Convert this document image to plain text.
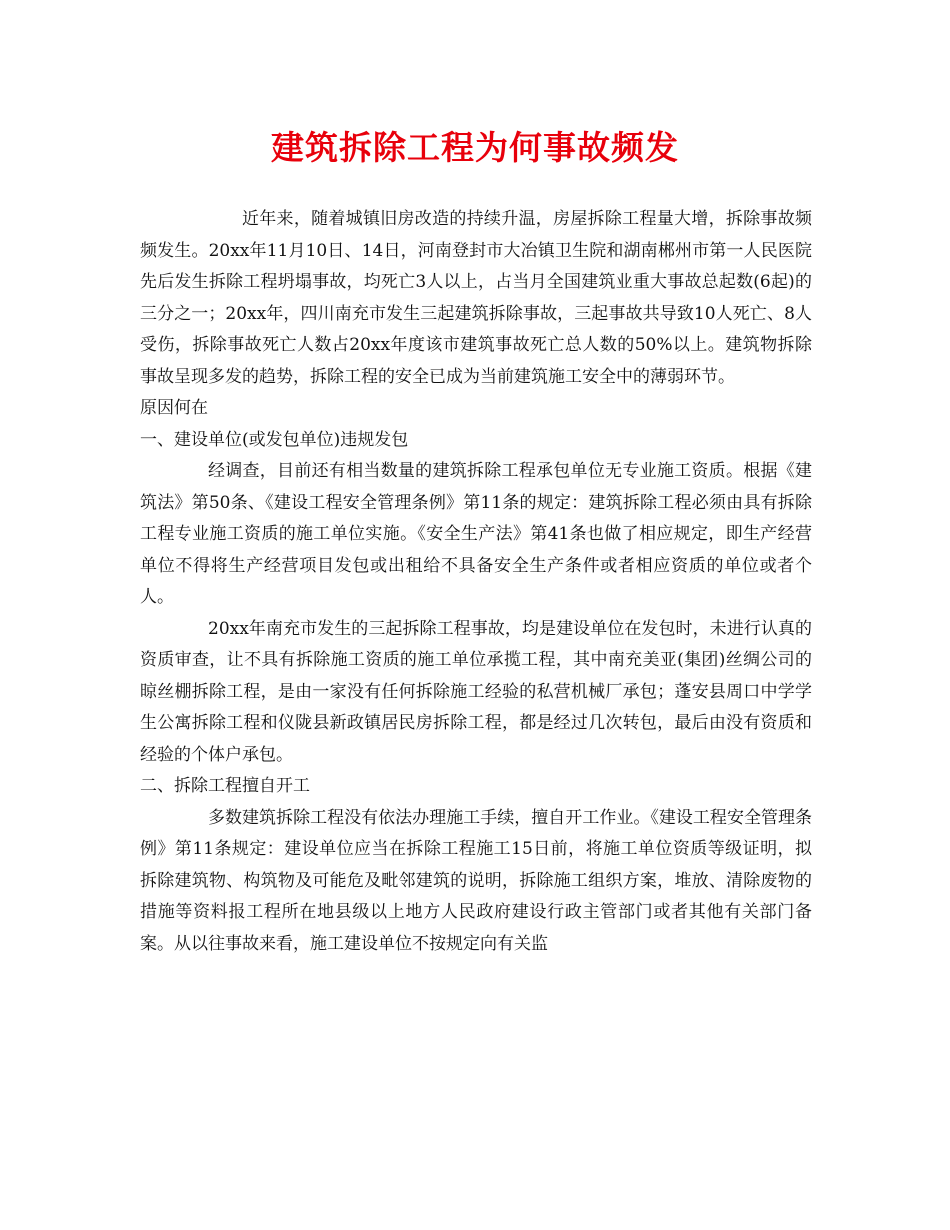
建筑拆除工程为何事故频发

近年来，随着城镇旧房改造的持续升温，房屋拆除工程量大增，拆除事故频频发生。20xx年11月10日、14日，河南登封市大冶镇卫生院和湖南郴州市第一人民医院先后发生拆除工程坍塌事故，均死亡3人以上，占当月全国建筑业重大事故总起数(6起)的三分之一；20xx年，四川南充市发生三起建筑拆除事故，三起事故共导致10人死亡、8人受伤，拆除事故死亡人数占20xx年度该市建筑事故死亡总人数的50%以上。建筑物拆除事故呈现多发的趋势，拆除工程的安全已成为当前建筑施工安全中的薄弱环节。

原因何在

一、建设单位(或发包单位)违规发包

经调查，目前还有相当数量的建筑拆除工程承包单位无专业施工资质。根据《建筑法》第50条、《建设工程安全管理条例》第11条的规定：建筑拆除工程必须由具有拆除工程专业施工资质的施工单位实施。《安全生产法》第41条也做了相应规定，即生产经营单位不得将生产经营项目发包或出租给不具备安全生产条件或者相应资质的单位或者个人。

20xx年南充市发生的三起拆除工程事故，均是建设单位在发包时，未进行认真的资质审查，让不具有拆除施工资质的施工单位承揽工程，其中南充美亚(集团)丝绸公司的晾丝棚拆除工程，是由一家没有任何拆除施工经验的私营机械厂承包；蓬安县周口中学学生公寓拆除工程和仪陇县新政镇居民房拆除工程，都是经过几次转包，最后由没有资质和经验的个体户承包。

二、拆除工程擅自开工

多数建筑拆除工程没有依法办理施工手续，擅自开工作业。《建设工程安全管理条例》第11条规定：建设单位应当在拆除工程施工15日前，将施工单位资质等级证明，拟拆除建筑物、构筑物及可能危及毗邻建筑的说明，拆除施工组织方案，堆放、清除废物的措施等资料报工程所在地县级以上地方人民政府建设行政主管部门或者其他有关部门备案。从以往事故来看，施工建设单位不按规定向有关监
